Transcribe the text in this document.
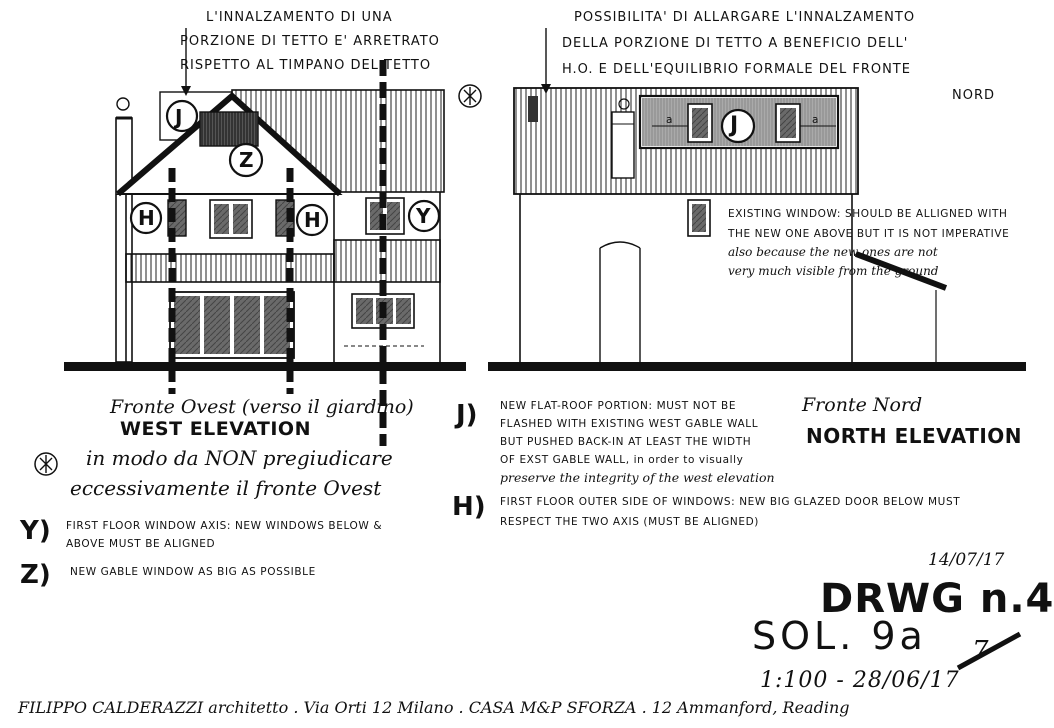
J
Z
H	H	Y
J
a	a
L'INNALZAMENTO DI UNA
PORZIONE DI TETTO E' ARRETRATO
RISPETTO AL TIMPANO DEL TETTO
POSSIBILITA' DI ALLARGARE L'INNALZAMENTO
DELLA PORZIONE DI TETTO A BENEFICIO DELL'
H.O. E DELL'EQUILIBRIO FORMALE DEL FRONTE
NORD
EXISTING WINDOW: SHOULD BE ALLIGNED WITH
THE NEW ONE ABOVE BUT IT IS NOT IMPERATIVE
also because the new ones are not
very much visible from the ground
Fronte Ovest (verso il giardino)
WEST ELEVATION
Fronte Nord
NORTH ELEVATION
in modo da NON pregiudicare
eccessivamente il fronte Ovest
Y) FIRST FLOOR WINDOW AXIS: NEW WINDOWS BELOW &
ABOVE MUST BE ALIGNED
Z) NEW GABLE WINDOW AS BIG AS POSSIBLE
J) NEW FLAT-ROOF PORTION: MUST NOT BE
FLASHED WITH EXISTING WEST GABLE WALL
BUT PUSHED BACK-IN AT LEAST THE WIDTH
OF EXST GABLE WALL, in order to visually
preserve the integrity of the west elevation
H) FIRST FLOOR OUTER SIDE OF WINDOWS: NEW BIG GLAZED DOOR BELOW MUST
RESPECT THE TWO AXIS (MUST BE ALIGNED)
14/07/17
DRWG n.4
SOL. 9a 7
1:100 - 28/06/17
FILIPPO CALDERAZZI architetto . Via Orti 12 Milano . CASA M&P SFORZA . 12 Ammanford, Reading
